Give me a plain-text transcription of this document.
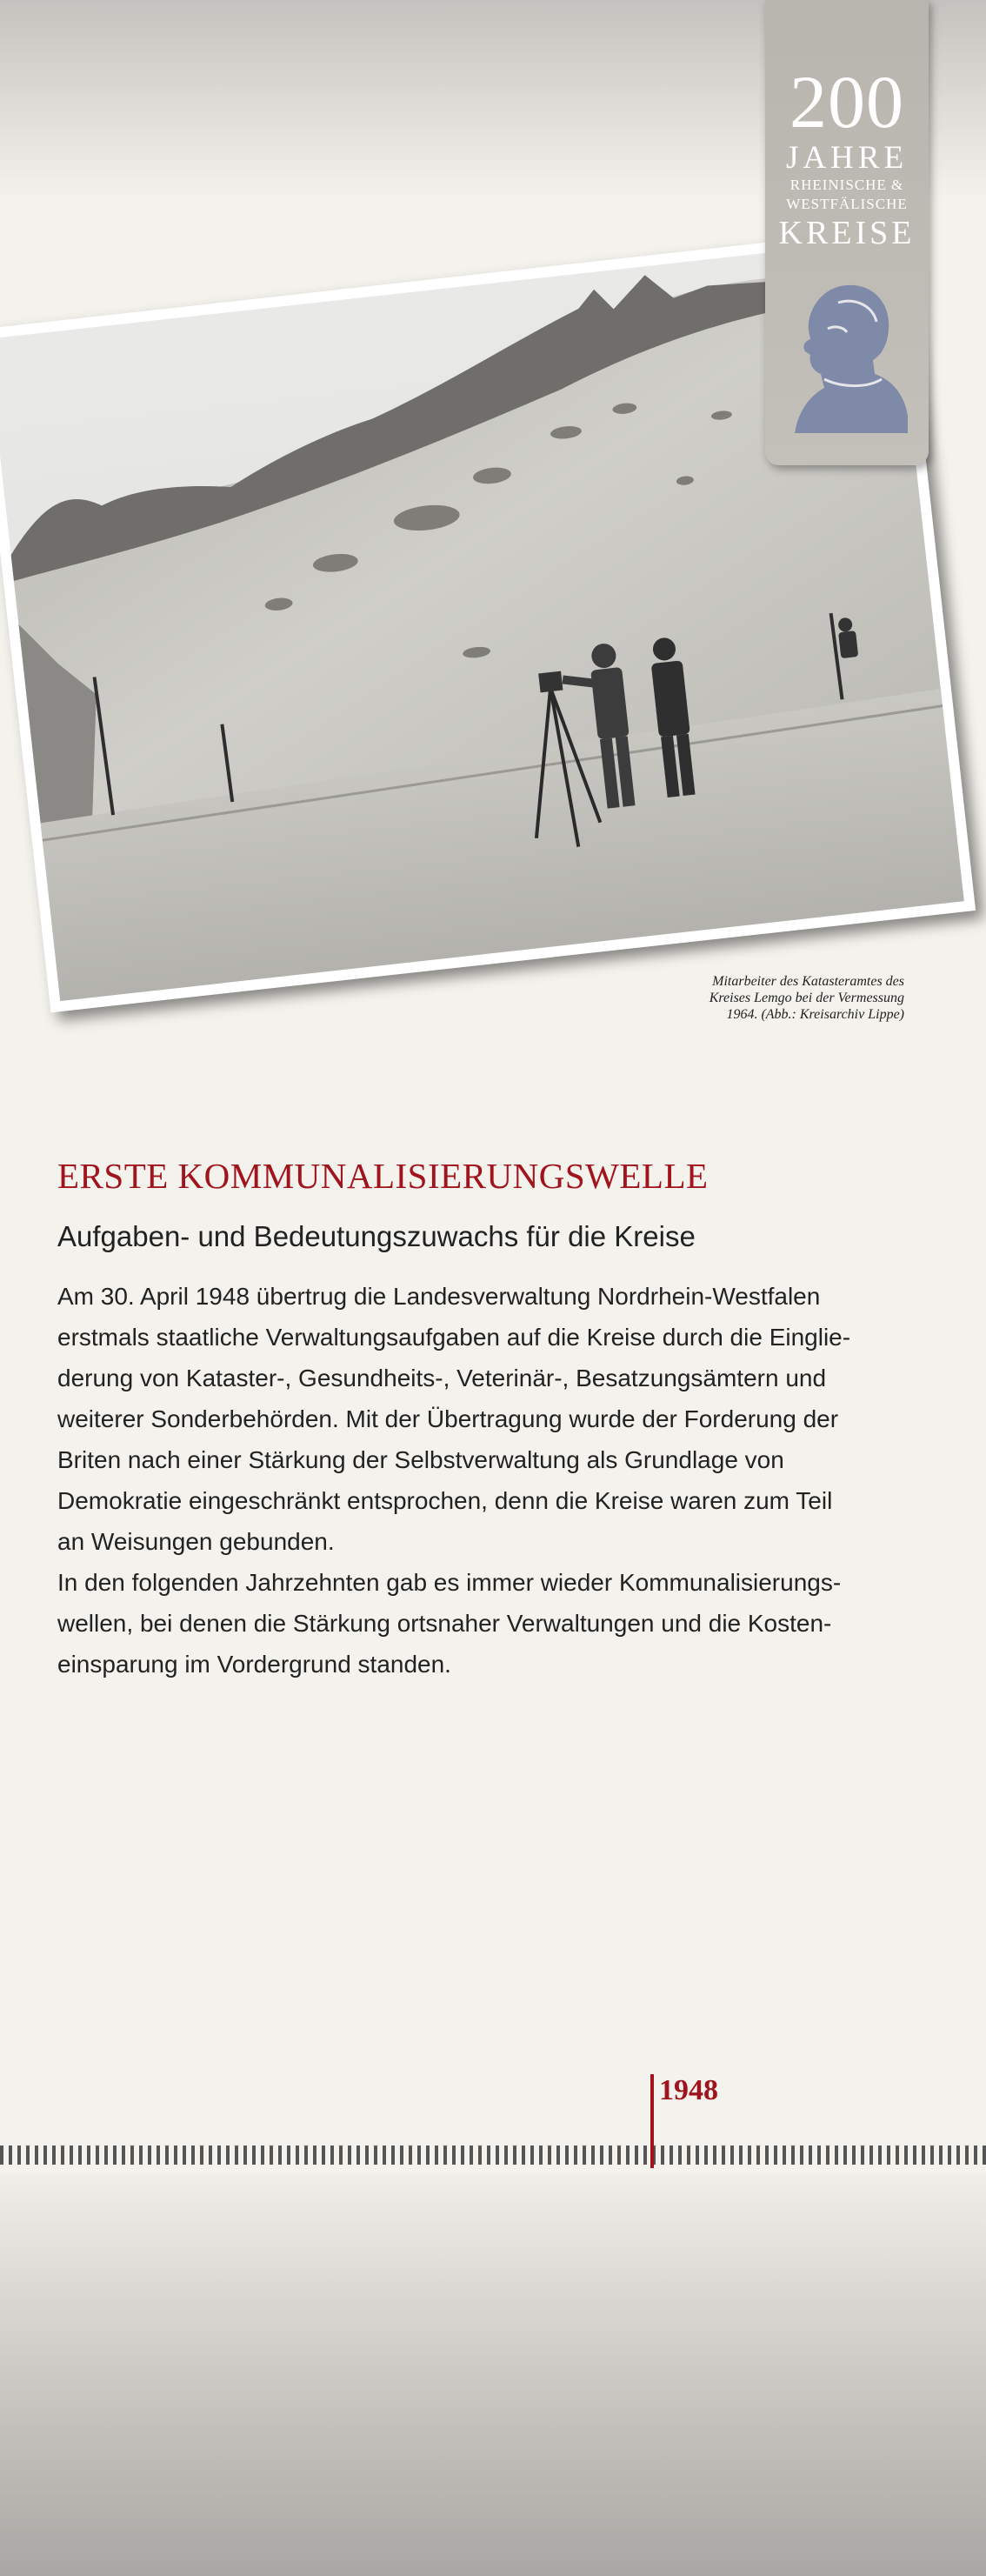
Mitarbeiter des Katasteramtes des
Kreises Lemgo bei der Vermessung
1964. (Abb.: Kreisarchiv Lippe)
200
JAHRE
RHEINISCHE &
WESTFÄLISCHE
KREISE
ERSTE KOMMUNALISIERUNGSWELLE
Aufgaben- und Bedeutungszuwachs für die Kreise
Am 30. April 1948 übertrug die Landesverwaltung Nordrhein-Westfalen
erstmals staatliche Verwaltungsaufgaben auf die Kreise durch die Einglie-
derung von Kataster-, Gesundheits-, Veterinär-, Besatzungsämtern und
weiterer Sonderbehörden. Mit der Übertragung wurde der Forderung der
Briten nach einer Stärkung der Selbstverwaltung als Grundlage von
Demokratie eingeschränkt entsprochen, denn die Kreise waren zum Teil
an Weisungen gebunden.
In den folgenden Jahrzehnten gab es immer wieder Kommunalisierungs-
wellen, bei denen die Stärkung ortsnaher Verwaltungen und die Kosten-
einsparung im Vordergrund standen.
1948
